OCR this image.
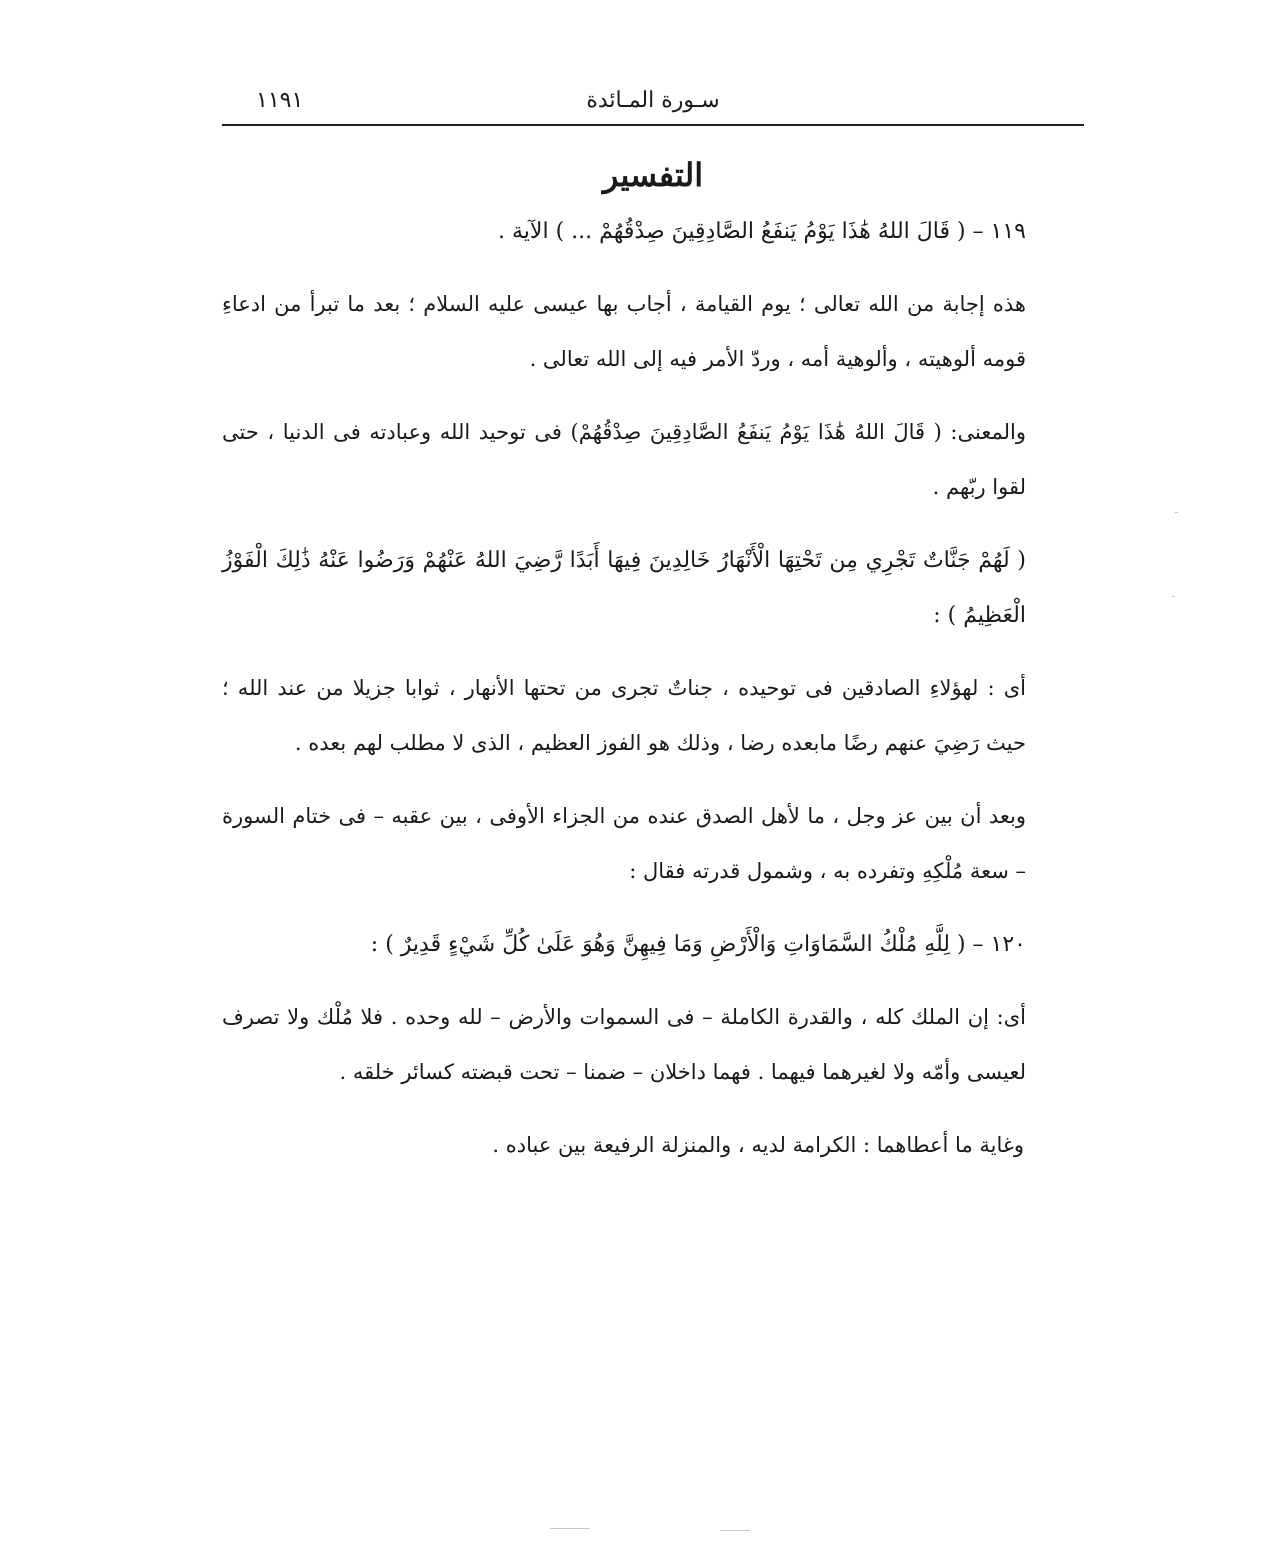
سـورة المـائدة
١١٩١
التفسير

١١٩ – ( قَالَ اللهُ هَٰذَا يَوْمُ يَنفَعُ الصَّادِقِينَ صِدْقُهُمْ ... ) الآية .

هذه إجابة من الله تعالى ؛ يوم القيامة ، أجاب بها عيسى عليه السلام ؛ بعد ما تبرأ من ادعاءِ قومه ألوهيته ، وألوهية أمه ، وردّ الأمر فيه إلى الله تعالى .

والمعنى: ( قَالَ اللهُ هَٰذَا يَوْمُ يَنفَعُ الصَّادِقِينَ صِدْقُهُمْ) فى توحيد الله وعبادته فى الدنيا ، حتى لقوا ربّهم .

( لَهُمْ جَنَّاتٌ تَجْرِي مِن تَحْتِهَا الْأَنْهَارُ خَالِدِينَ فِيهَا أَبَدًا رَّضِيَ اللهُ عَنْهُمْ وَرَضُوا عَنْهُ ذَٰلِكَ الْفَوْزُ الْعَظِيمُ ) :

أى : لهؤلاءِ الصادقين فى توحيده ، جناتٌ تجرى من تحتها الأنهار ، ثوابا جزيلا من عند الله ؛ حيث رَضِيَ عنهم رضًا مابعده رضا ، وذلك هو الفوز العظيم ، الذى لا مطلب لهم بعده .

وبعد أن بين عز وجل ، ما لأهل الصدق عنده من الجزاء الأوفى ، بين عقبه – فى ختام السورة – سعة مُلْكِهِ وتفرده به ، وشمول قدرته فقال :

١٢٠ – ( لِلَّهِ مُلْكُ السَّمَاوَاتِ وَالْأَرْضِ وَمَا فِيهِنَّ وَهُوَ عَلَىٰ كُلِّ شَيْءٍ قَدِيرٌ ) :

أى: إن الملك كله ، والقدرة الكاملة – فى السموات والأرض – لله وحده . فلا مُلْك ولا تصرف لعيسى وأمّه ولا لغيرهما فيهما . فهما داخلان – ضمنا – تحت قبضته كسائر خلقه .

وغاية ما أعطاهما : الكرامة لديه ، والمنزلة الرفيعة بين عباده .
